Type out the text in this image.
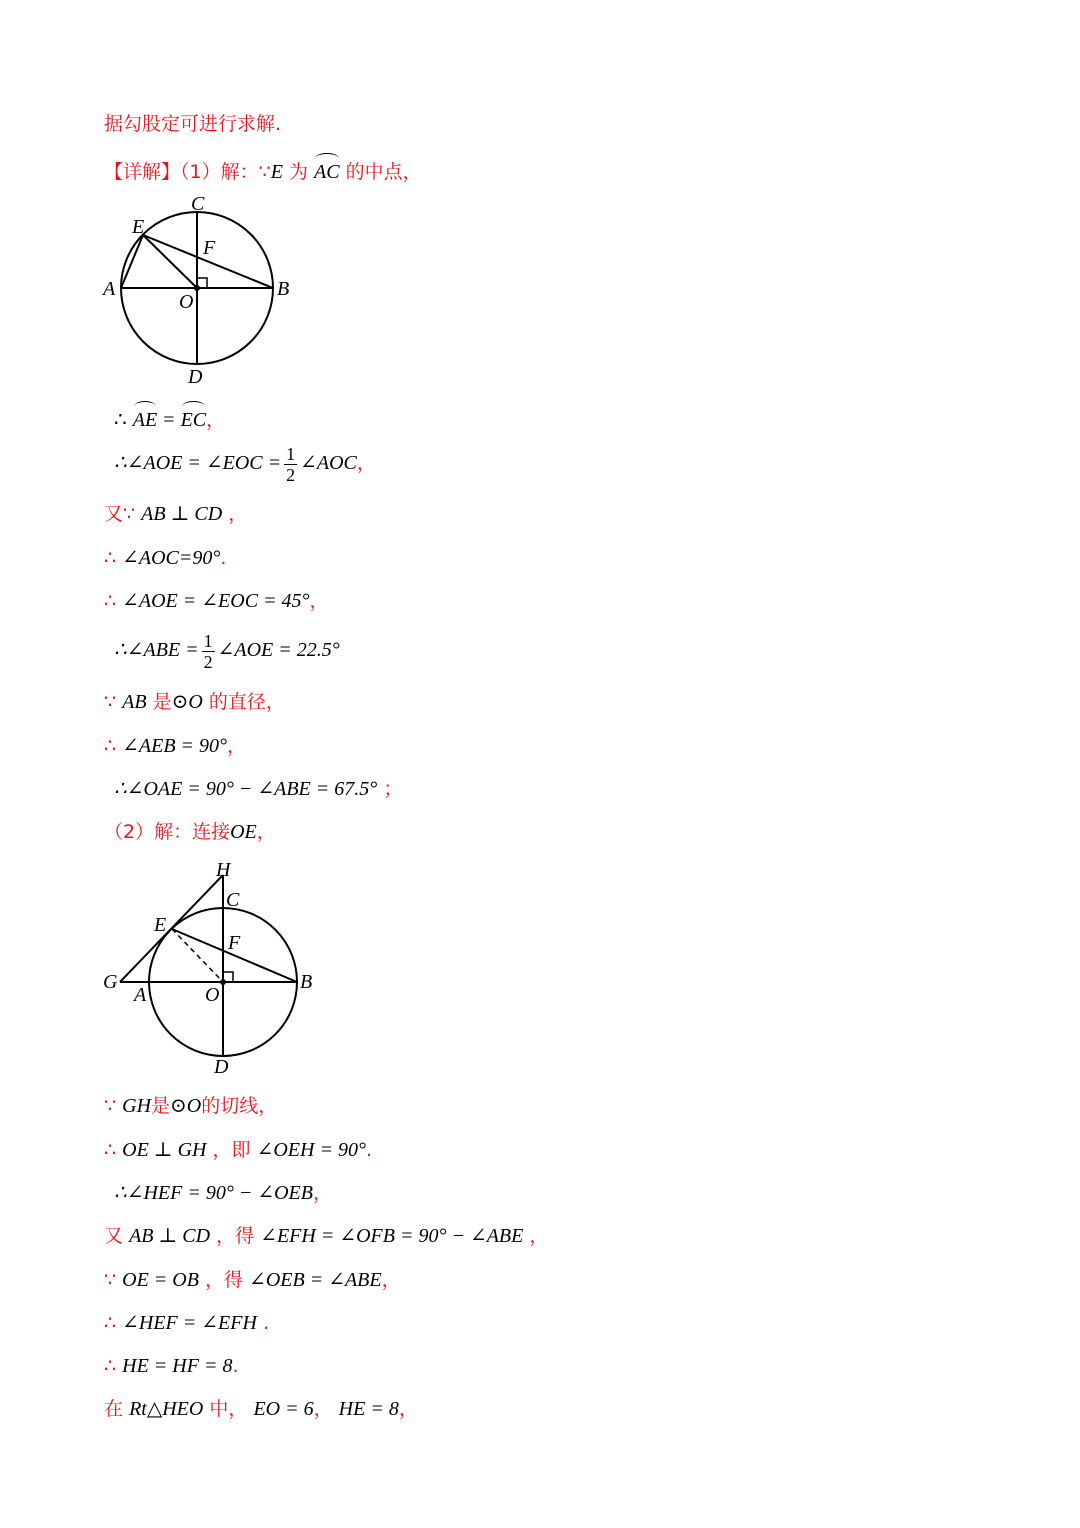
据勾股定可进行求解.
【详解】（1）解：∵E 为 AC 的中点，
C
E
F
A
O
B
D
∴ AE = EC，
∴∠AOE = ∠EOC = $\frac{1}{2}$ ∠AOC，
又∵ AB ⊥ CD ，
∴ ∠AOC=90°.
∴ ∠AOE = ∠EOC = 45°，
∴∠ABE = $\frac{1}{2}$ ∠AOE = 22.5°
∵ AB 是⊙O 的直径，
∴ ∠AEB = 90°，
∴∠OAE = 90° − ∠ABE = 67.5° ；
（2）解：连接OE，
H
C
E
F
G
A	O
B
D
∵ GH是⊙O的切线，
∴ OE ⊥ GH ，即 ∠OEH = 90°.
∴∠HEF = 90° − ∠OEB，
又 AB ⊥ CD ，得 ∠EFH = ∠OFB = 90° − ∠ABE ，
∵ OE = OB ，得 ∠OEB = ∠ABE，
∴ ∠HEF = ∠EFH .
∴ HE = HF = 8.
在 Rt△HEO 中， EO = 6， HE = 8，
